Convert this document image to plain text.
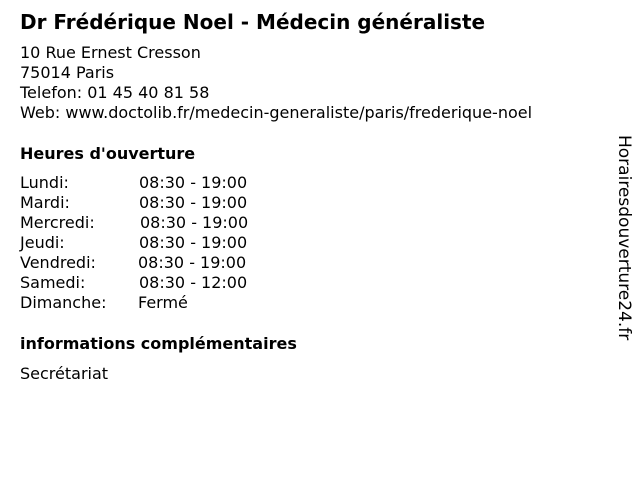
Dr Frédérique Noel - Médecin généraliste
10 Rue Ernest Cresson
75014 Paris
Telefon: 01 45 40 81 58
Web: www.doctolib.fr/medecin-generaliste/paris/frederique-noel
Heures d'ouverture
Lundi:	08:30 - 19:00
Mardi:	08:30 - 19:00
Mercredi:	08:30 - 19:00
Jeudi:	08:30 - 19:00
Vendredi:	08:30 - 19:00
Samedi:	08:30 - 12:00
Dimanche: Fermé
informations complémentaires
Secrétariat
Horairesdouverture24.fr
